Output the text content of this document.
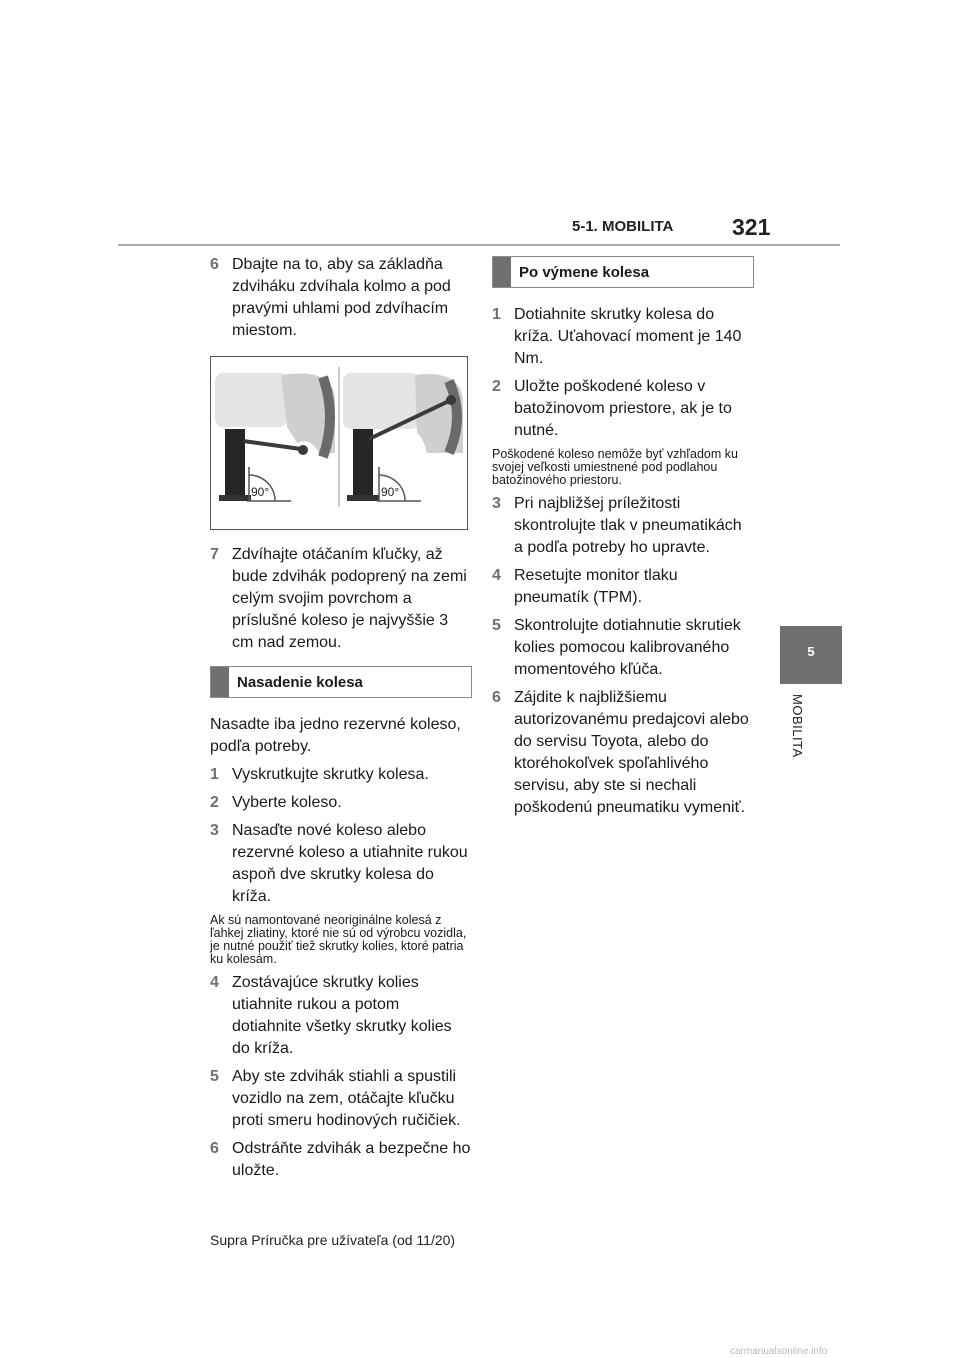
5-1. MOBILITA	321
5
MOBILITA
6 Dbajte na to, aby sa základňa zdviháku zdvíhala kolmo a pod pravými uhlami pod zdvíhacím miestom.
90°	90°
7 Zdvíhajte otáčaním kľučky, až bude zdvihák podoprený na zemi celým svojim povrchom a príslušné koleso je najvyššie 3 cm nad zemou.
Nasadenie kolesa
Nasadte iba jedno rezervné koleso, podľa potreby.
1 Vyskrutkujte skrutky kolesa.
2 Vyberte koleso.
3 Nasaďte nové koleso alebo rezervné koleso a utiahnite rukou aspoň dve skrutky kolesa do kríža.
Ak sú namontované neoriginálne kolesá z ľahkej zliatiny, ktoré nie sú od výrobcu vozidla, je nutné použiť tiež skrutky kolies, ktoré patria ku kolesám.
4 Zostávajúce skrutky kolies utiahnite rukou a potom dotiahnite všetky skrutky kolies do kríža.
5 Aby ste zdvihák stiahli a spustili vozidlo na zem, otáčajte kľučku proti smeru hodinových ručičiek.
6 Odstráňte zdvihák a bezpečne ho uložte.
Po výmene kolesa
1 Dotiahnite skrutky kolesa do kríža. Uťahovací moment je 140 Nm.
2 Uložte poškodené koleso v batožinovom priestore, ak je to nutné.
Poškodené koleso nemôže byť vzhľadom ku svojej veľkosti umiestnené pod podlahou batožinového priestoru.
3 Pri najbližšej príležitosti skontrolujte tlak v pneumatikách a podľa potreby ho upravte.
4 Resetujte monitor tlaku pneumatík (TPM).
5 Skontrolujte dotiahnutie skrutiek kolies pomocou kalibrovaného momentového kľúča.
6 Zájdite k najbližšiemu autorizovanému predajcovi alebo do servisu Toyota, alebo do ktoréhokoľvek spoľahlivého servisu, aby ste si nechali poškodenú pneumatiku vymeniť.
Supra Príručka pre užívateľa (od 11/20)
carmanualsonline.info
